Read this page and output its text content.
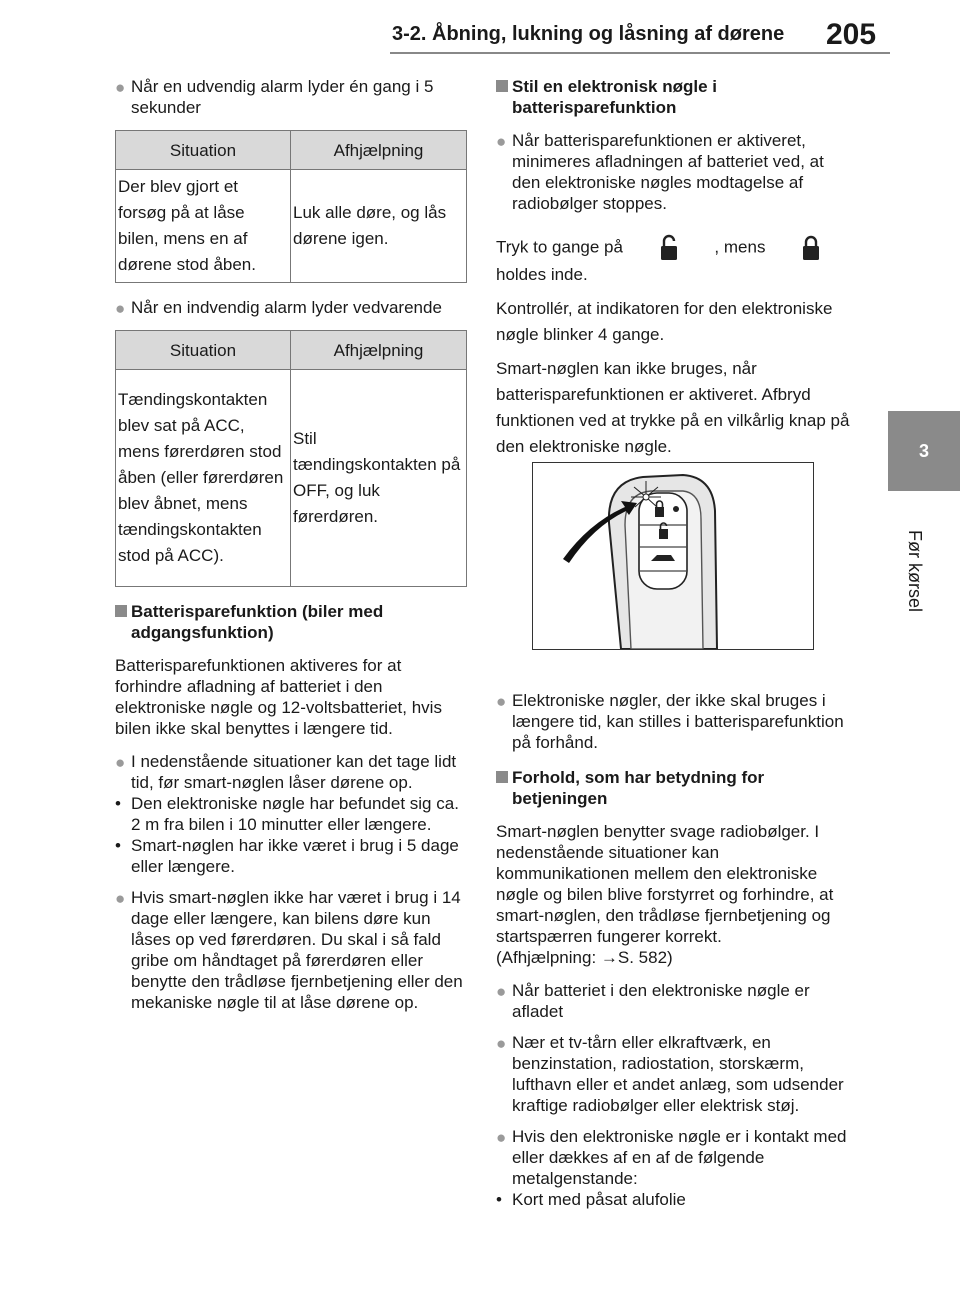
3-2. Åbning, lukning og låsning af dørene 205
3
Før kørsel
● Når en udvendig alarm lyder én gang i 5 sekunder
Situation	Afhjælpning
Der blev gjort et forsøg på at låse bilen, mens en af dørene stod åben.	Luk alle døre, og lås dørene igen.
● Når en indvendig alarm lyder vedvarende
Situation	Afhjælpning
Tændingskontakten blev sat på ACC, mens førerdøren stod åben (eller førerdøren blev åbnet, mens tændingskontakten stod på ACC).	Stil tændingskontakten på OFF, og luk førerdøren.
Batterisparefunktion (biler med adgangsfunktion)
Batterisparefunktionen aktiveres for at forhindre afladning af batteriet i den elektroniske nøgle og 12-voltsbatteriet, hvis bilen ikke skal benyttes i længere tid.
● I nedenstående situationer kan det tage lidt tid, før smart-nøglen låser dørene op.
• Den elektroniske nøgle har befundet sig ca. 2 m fra bilen i 10 minutter eller længere.
• Smart-nøglen har ikke været i brug i 5 dage eller længere.
● Hvis smart-nøglen ikke har været i brug i 14 dage eller længere, kan bilens døre kun låses op ved førerdøren. Du skal i så fald gribe om håndtaget på førerdøren eller benytte den trådløse fjernbetjening eller den mekaniske nøgle til at låse dørene op.
Stil en elektronisk nøgle i batterisparefunktion
● Når batterisparefunktionen er aktiveret, minimeres afladningen af batteriet ved, at den elektroniske nøgles modtagelse af radiobølger stoppes.
Tryk to gange på	, mens
holdes inde.
Kontrollér, at indikatoren for den elektroniske nøgle blinker 4 gange.
Smart-nøglen kan ikke bruges, når batterisparefunktionen er aktiveret. Afbryd funktionen ved at trykke på en vilkårlig knap på den elektroniske nøgle.
● Elektroniske nøgler, der ikke skal bruges i længere tid, kan stilles i batterisparefunktion på forhånd.
Forhold, som har betydning for betjeningen
Smart-nøglen benytter svage radiobølger. I nedenstående situationer kan kommunikationen mellem den elektroniske nøgle og bilen blive forstyrret og forhindre, at smart-nøglen, den trådløse fjernbetjening og startspærren fungerer korrekt.
(Afhjælpning: →S. 582)
● Når batteriet i den elektroniske nøgle er afladet
● Nær et tv-tårn eller elkraftværk, en benzinstation, radiostation, storskærm, lufthavn eller et andet anlæg, som udsender kraftige radiobølger eller elektrisk støj.
● Hvis den elektroniske nøgle er i kontakt med eller dækkes af en af de følgende metalgenstande:
• Kort med påsat alufolie
